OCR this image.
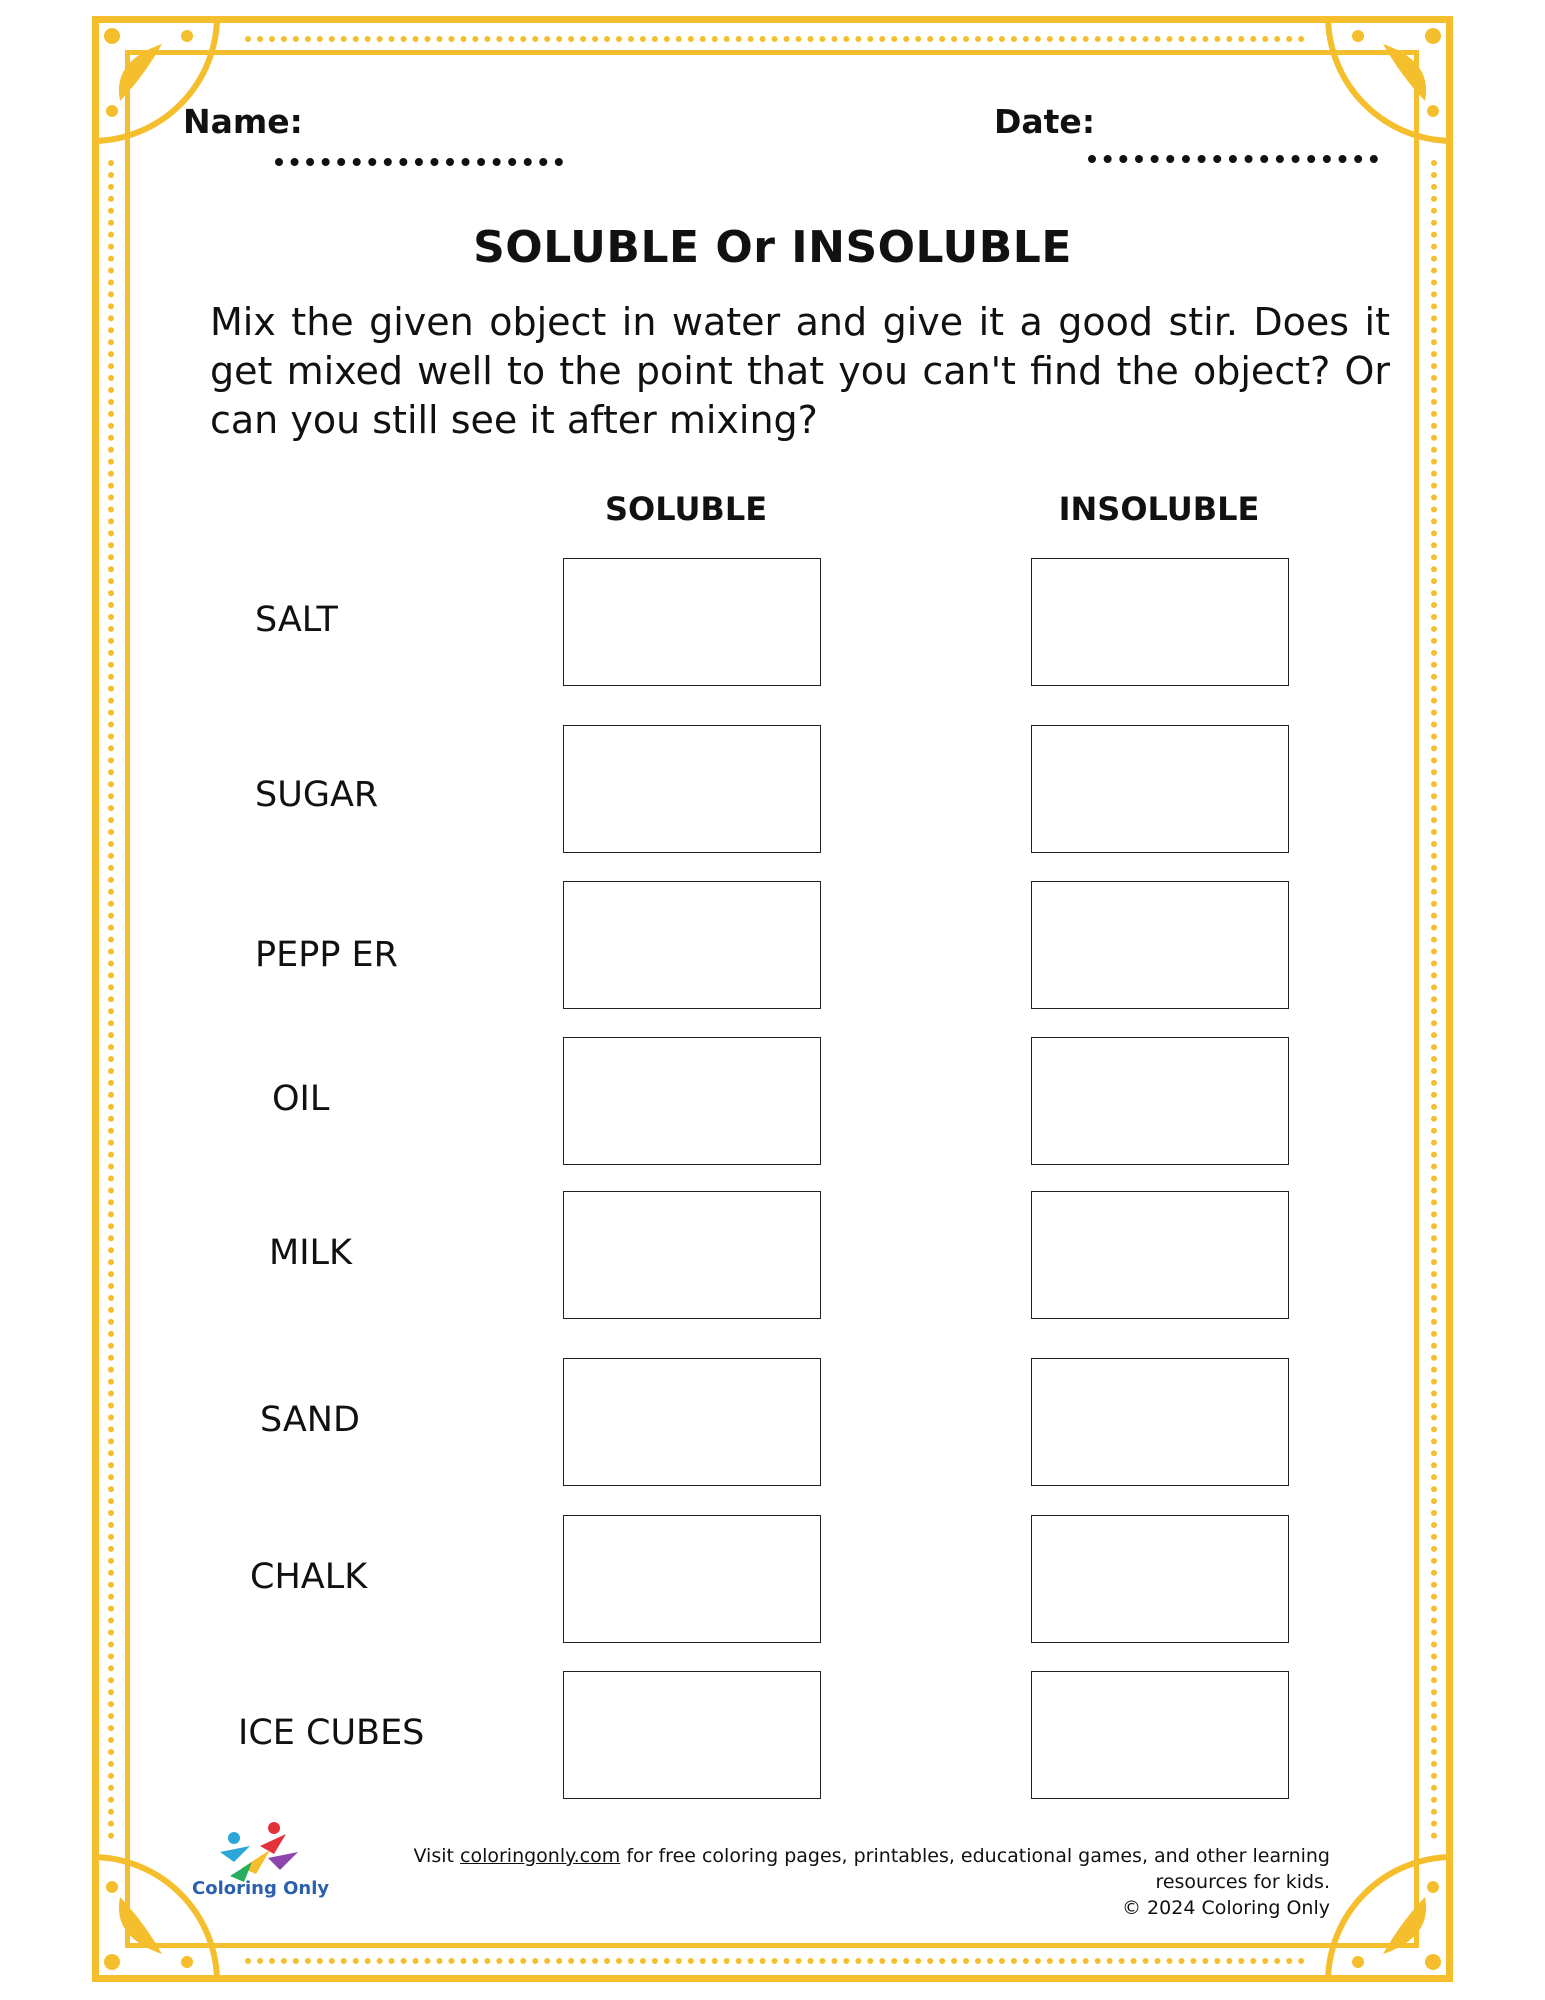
Name:	Date:
SOLUBLE Or INSOLUBLE
Mix the given object in water and give it a good stir. Does it get mixed well to the point that you can't find the object? Or can you still see it after mixing?
SOLUBLE	INSOLUBLE
SALT
SUGAR
PEPP ER
OIL
MILK
SAND
CHALK
ICE CUBES
Coloring Only
Visit coloringonly.com for free coloring pages, printables, educational games, and other learning resources for kids.
© 2024 Coloring Only
